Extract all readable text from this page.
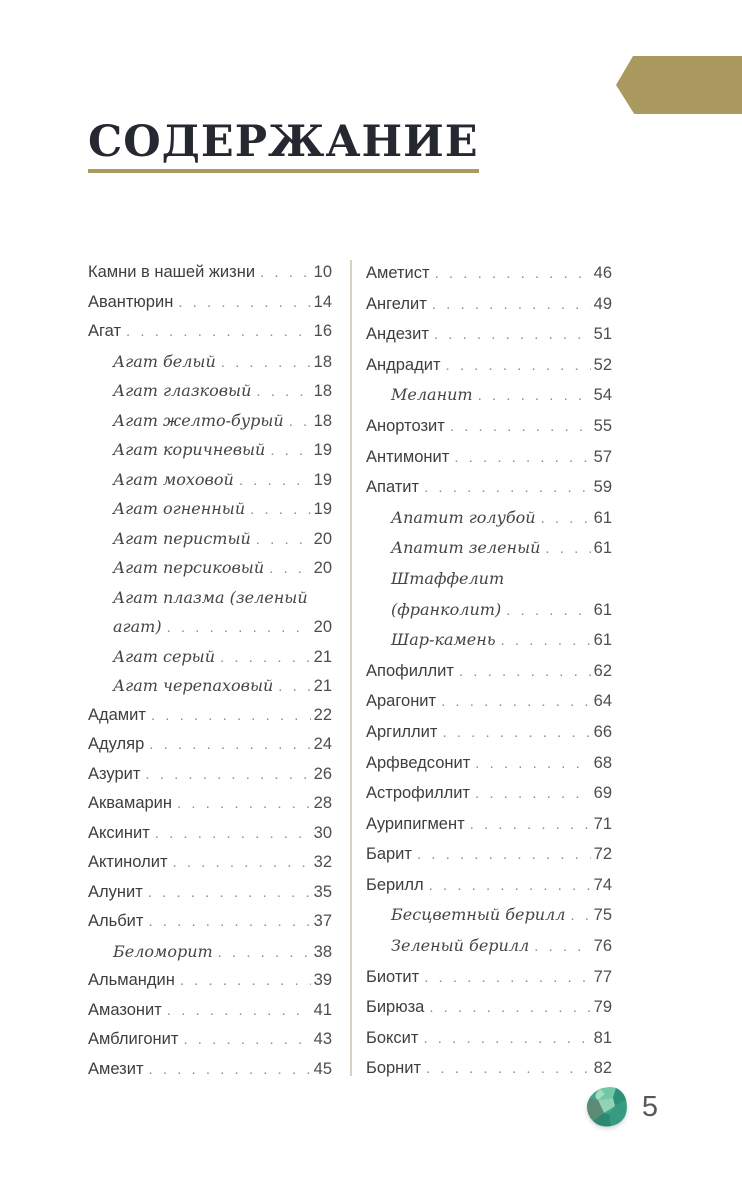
СОДЕРЖАНИЕ
Камни в нашей жизни . . .	10
Авантюрин . . .	14
Агат . . .	16
Агат белый . . .	18
Агат глазковый . . .	18
Агат желто-бурый . . . 18
Агат коричневый . . .	19
Агат моховой . . .	19
Агат огненный . . .	19
Агат перистый . . .	20
Агат персиковый . . .	20
Агат плазма (зеленый
агат) . . .	20
Агат серый . . .	21
Агат черепаховый . . . 21
Адамит . . .	22
Адуляр . . .	24
Азурит . . .	26
Аквамарин . . .	28
Аксинит . . .	30
Актинолит . . .	32
Алунит . . .	35
Альбит . . .	37
Беломорит . . .	38
Альмандин . . .	39
Амазонит . . .	41
Амблигонит . . .	43
Амезит . . .	45
Аметист . . .	46
Ангелит . . .	49
Андезит . . .	51
Андрадит . . .	52
Меланит . . .	54
Анортозит . . .	55
Антимонит . . .	57
Апатит . . .	59
Апатит голубой . . .	61
Апатит зеленый . . .	61
Штаффелит
(франколит) . . .	61
Шар-камень . . .	61
Апофиллит . . .	62
Арагонит . . .	64
Аргиллит . . .	66
Арфведсонит . . .	68
Астрофиллит . . .	69
Аурипигмент . . .	71
Барит . . .	72
Берилл . . .	74
Бесцветный берилл . . . 75
Зеленый берилл . . .	76
Биотит . . .	77
Бирюза . . .	79
Боксит . . .	81
Борнит . . .	82
5
